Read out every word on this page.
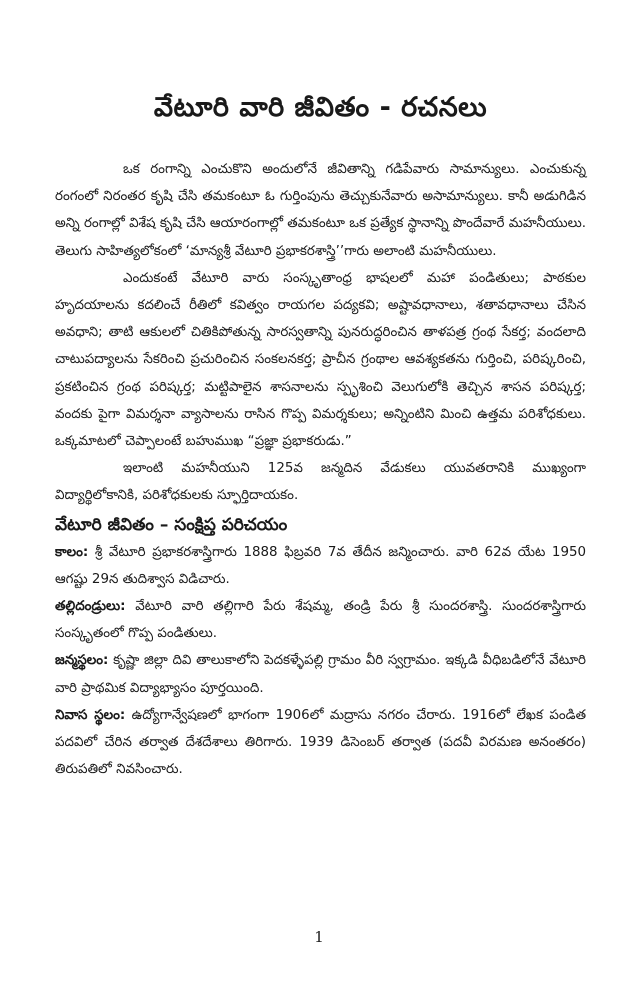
వేటూరి వారి జీవితం - రచనలు

ఒక రంగాన్ని ఎంచుకొని అందులోనే జీవితాన్ని గడిపేవారు సామాన్యులు. ఎంచుకున్న రంగంలో నిరంతర కృషి చేసి తమకంటూ ఓ గుర్తింపును తెచ్చుకునేవారు అసామాన్యులు. కానీ అడుగిడిన అన్ని రంగాల్లో విశేష కృషి చేసి ఆయారంగాల్లో తమకంటూ ఒక ప్రత్యేక స్థానాన్ని పొందేవారే మహనీయులు. తెలుగు సాహిత్యలోకంలో ‘మాన్యశ్రీ వేటూరి ప్రభాకరశాస్త్రి’’గారు అలాంటి మహనీయులు.

ఎందుకంటే వేటూరి వారు సంస్కృతాంధ్ర భాషలలో మహా పండితులు; పాఠకుల హృదయాలను కదలించే రీతిలో కవిత్వం రాయగల పద్యకవి; అష్టావధానాలు, శతావధానాలు చేసిన అవధాని; తాటి ఆకులలో చితికిపోతున్న సారస్వతాన్ని పునరుద్ధరించిన తాళపత్ర గ్రంథ సేకర్త; వందలాది చాటుపద్యాలను సేకరించి ప్రచురించిన సంకలనకర్త; ప్రాచీన గ్రంథాల ఆవశ్యకతను గుర్తించి, పరిష్కరించి, ప్రకటించిన గ్రంథ పరిష్కర్త; మట్టిపాలైన శాసనాలను స్పృశించి వెలుగులోకి తెచ్చిన శాసన పరిష్కర్త; వందకు పైగా విమర్శనా వ్యాసాలను రాసిన గొప్ప విమర్శకులు; అన్నింటిని మించి ఉత్తమ పరిశోధకులు. ఒక్కమాటలో చెప్పాలంటే బహుముఖ “ప్రజ్ఞా ప్రభాకరుడు.”

ఇలాంటి మహనీయుని 125వ జన్మదిన వేడుకలు యువతరానికి ముఖ్యంగా విద్యార్థిలోకానికి, పరిశోధకులకు స్ఫూర్తిదాయకం.

వేటూరి జీవితం – సంక్షిప్త పరిచయం

కాలం: శ్రీ వేటూరి ప్రభాకరశాస్త్రిగారు 1888 ఫిబ్రవరి 7వ తేదీన జన్మించారు. వారి 62వ యేట 1950 ఆగష్టు 29న తుదిశ్వాస విడిచారు.

తల్లిదండ్రులు: వేటూరి వారి తల్లిగారి పేరు శేషమ్మ, తండ్రి పేరు శ్రీ సుందరశాస్త్రి. సుందరశాస్త్రిగారు సంస్కృతంలో గొప్ప పండితులు.

జన్మస్థలం: కృష్ణా జిల్లా దివి తాలుకాలోని పెదకళ్ళేపల్లి గ్రామం వీరి స్వగ్రామం. ఇక్కడి వీధిబడిలోనే వేటూరి వారి ప్రాథమిక విద్యాభ్యాసం పూర్తయింది.

నివాస స్థలం: ఉద్యోగాన్వేషణలో భాగంగా 1906లో మద్రాసు నగరం చేరారు. 1916లో లేఖక పండిత పదవిలో చేరిన తర్వాత దేశదేశాలు తిరిగారు. 1939 డిసెంబర్ తర్వాత (పదవీ విరమణ అనంతరం) తిరుపతిలో నివసించారు.

1
